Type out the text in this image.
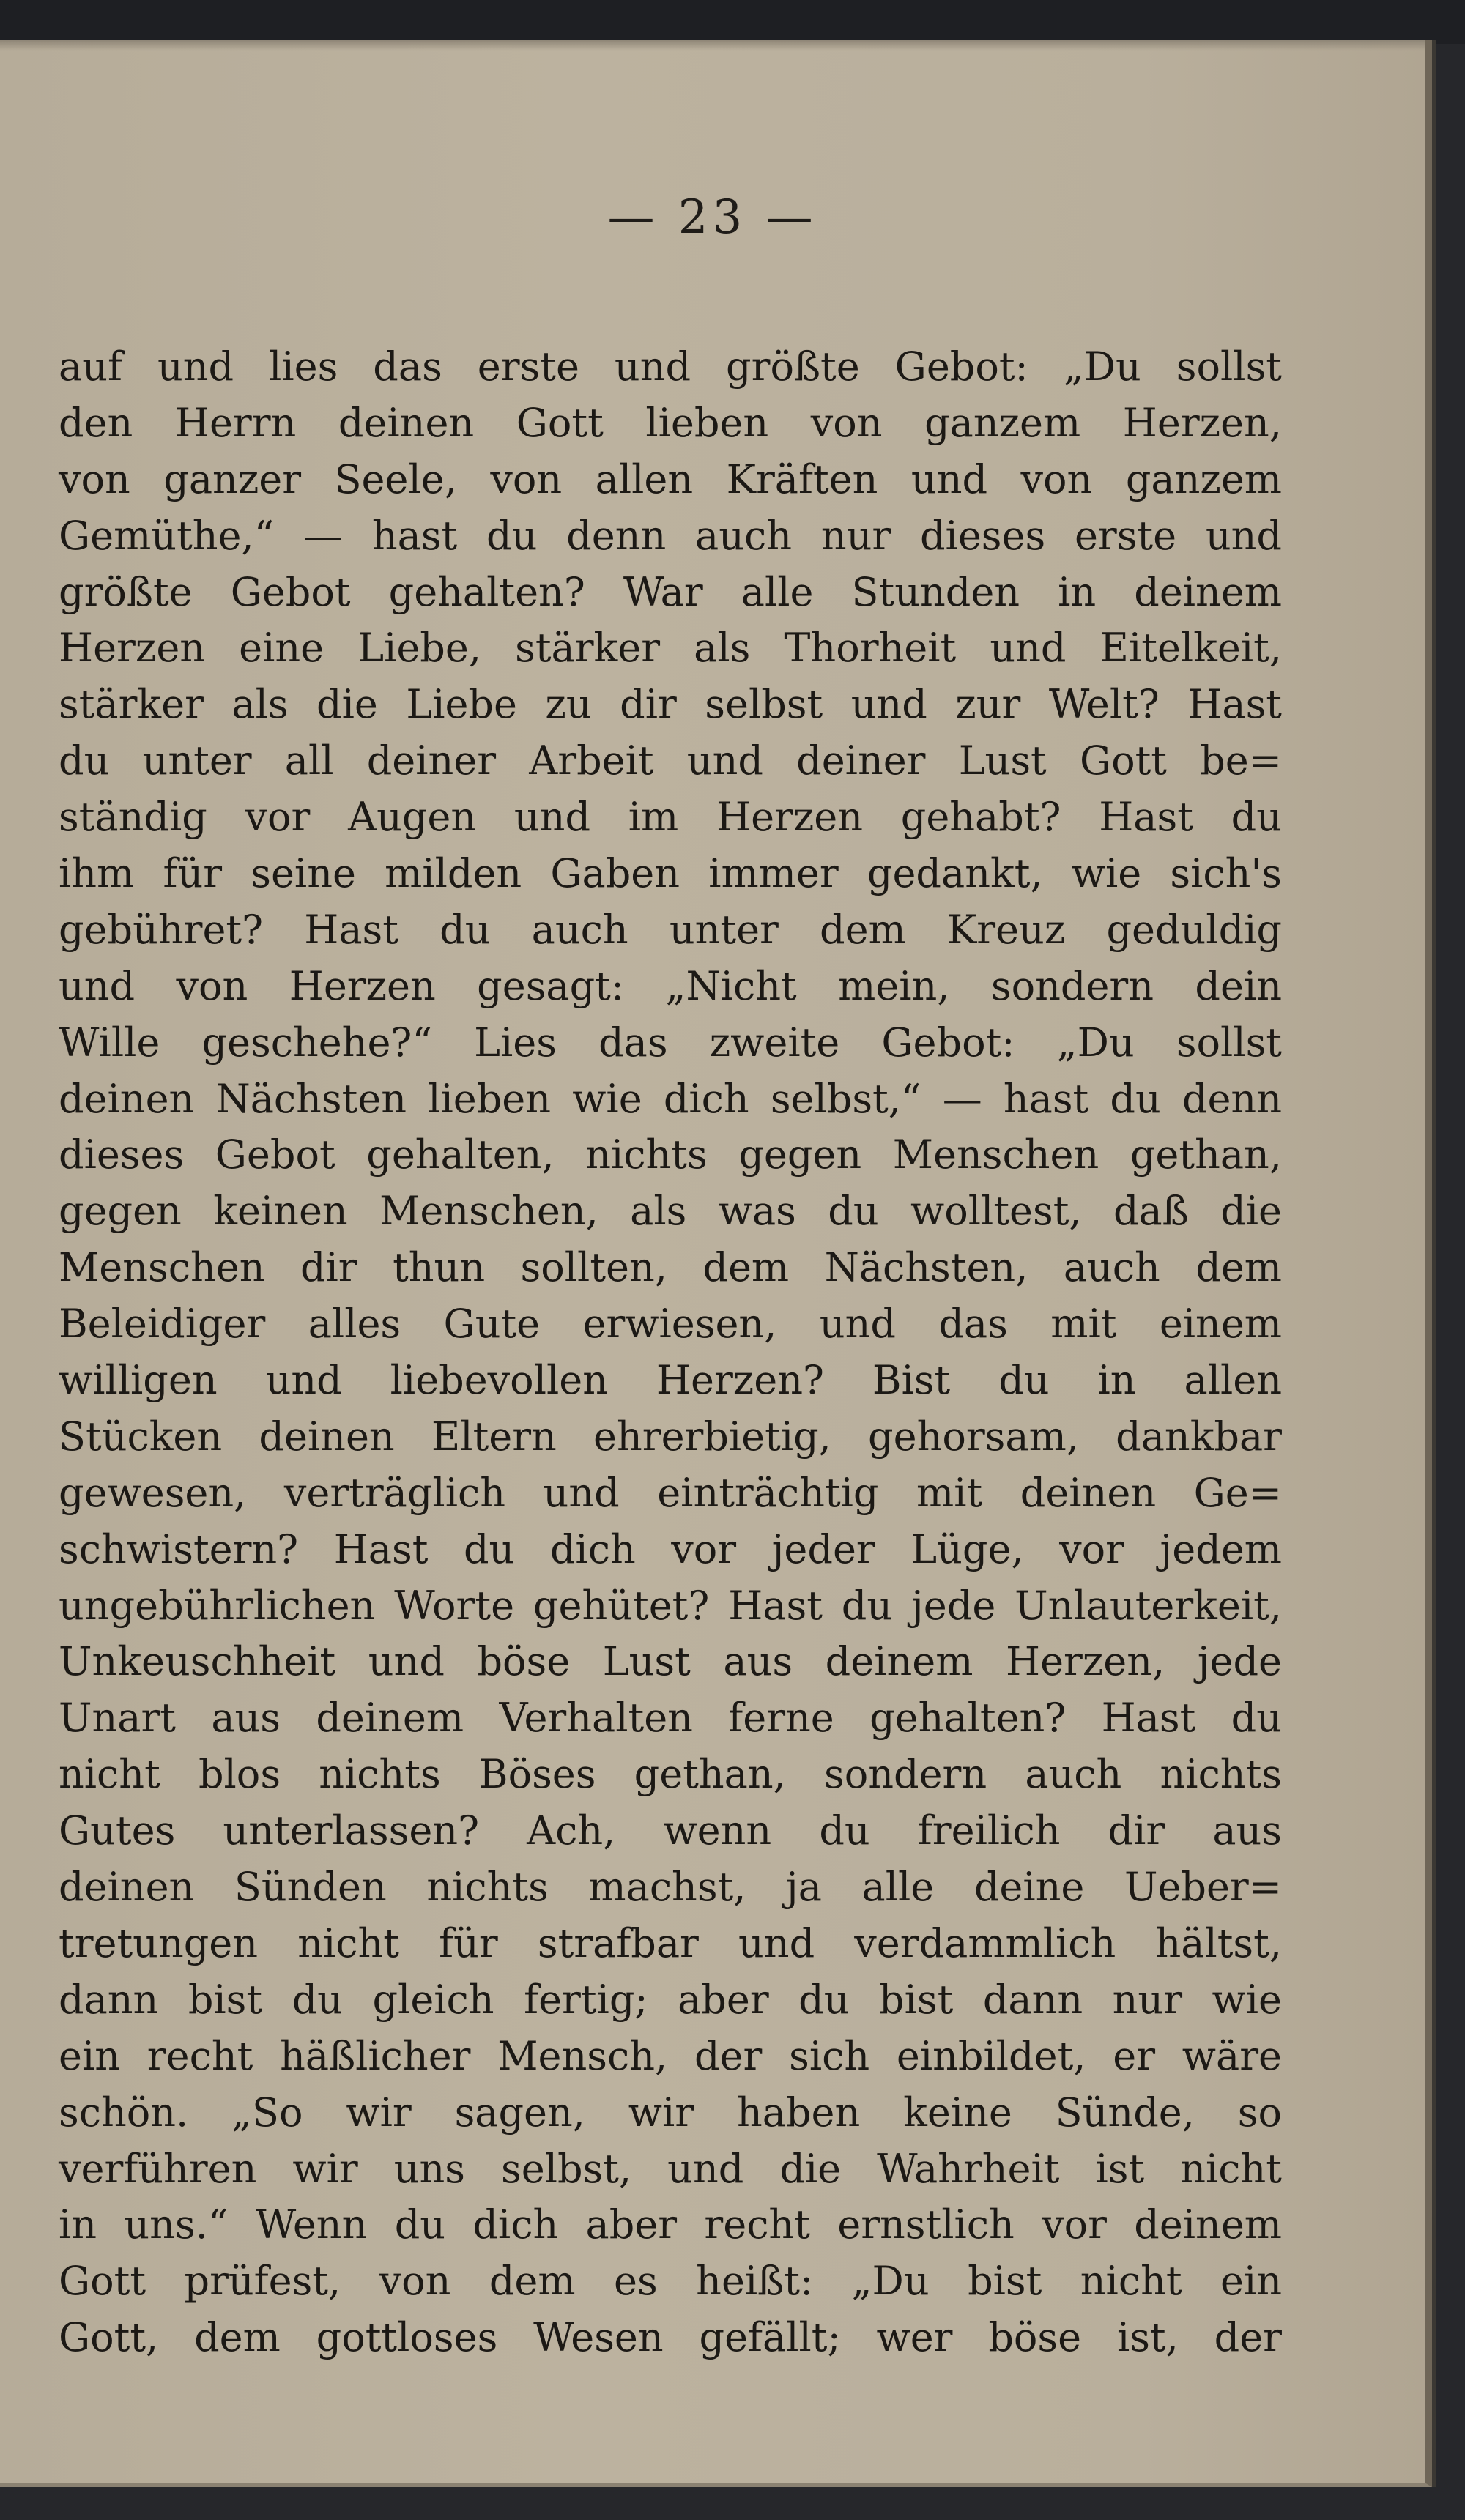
— 23 —
auf und lies das erste und größte Gebot: „Du sollst
den Herrn deinen Gott lieben von ganzem Herzen,
von ganzer Seele, von allen Kräften und von ganzem
Gemüthe,“ — hast du denn auch nur dieses erste und
größte Gebot gehalten? War alle Stunden in deinem
Herzen eine Liebe, stärker als Thorheit und Eitelkeit,
stärker als die Liebe zu dir selbst und zur Welt? Hast
du unter all deiner Arbeit und deiner Lust Gott be=
ständig vor Augen und im Herzen gehabt? Hast du
ihm für seine milden Gaben immer gedankt, wie sich's
gebühret? Hast du auch unter dem Kreuz geduldig
und von Herzen gesagt: „Nicht mein, sondern dein
Wille geschehe?“ Lies das zweite Gebot: „Du sollst
deinen Nächsten lieben wie dich selbst,“ — hast du denn
dieses Gebot gehalten, nichts gegen Menschen gethan,
gegen keinen Menschen, als was du wolltest, daß die
Menschen dir thun sollten, dem Nächsten, auch dem
Beleidiger alles Gute erwiesen, und das mit einem
willigen und liebevollen Herzen? Bist du in allen
Stücken deinen Eltern ehrerbietig, gehorsam, dankbar
gewesen, verträglich und einträchtig mit deinen Ge=
schwistern? Hast du dich vor jeder Lüge, vor jedem
ungebührlichen Worte gehütet? Hast du jede Unlauterkeit,
Unkeuschheit und böse Lust aus deinem Herzen, jede
Unart aus deinem Verhalten ferne gehalten? Hast du
nicht blos nichts Böses gethan, sondern auch nichts
Gutes unterlassen? Ach, wenn du freilich dir aus
deinen Sünden nichts machst, ja alle deine Ueber=
tretungen nicht für strafbar und verdammlich hältst,
dann bist du gleich fertig; aber du bist dann nur wie
ein recht häßlicher Mensch, der sich einbildet, er wäre
schön. „So wir sagen, wir haben keine Sünde, so
verführen wir uns selbst, und die Wahrheit ist nicht
in uns.“ Wenn du dich aber recht ernstlich vor deinem
Gott prüfest, von dem es heißt: „Du bist nicht ein
Gott, dem gottloses Wesen gefällt; wer böse ist, der
